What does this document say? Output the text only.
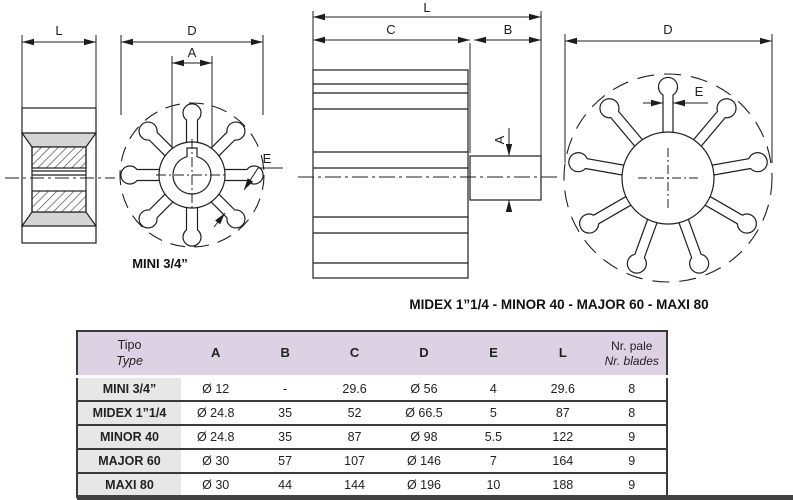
L	D
A
E
MINI 3/4”
L
C	B
A
D
E
MIDEX 1”1/4 - MINOR 40 - MAJOR 60 - MAXI 80
Tipo
Type	A	B	C	D	E	L	Nr. pale
Nr. blades
MINI 3/4”	Ø 12	-	29.6	Ø 56	4	29.6	8
MIDEX 1”1/4	Ø 24.8	35	52	Ø 66.5	5	87	8
MINOR 40	Ø 24.8	35	87	Ø 98	5.5	122	9
MAJOR 60	Ø 30	57	107	Ø 146	7	164	9
MAXI 80	Ø 30	44	144	Ø 196	10	188	9
